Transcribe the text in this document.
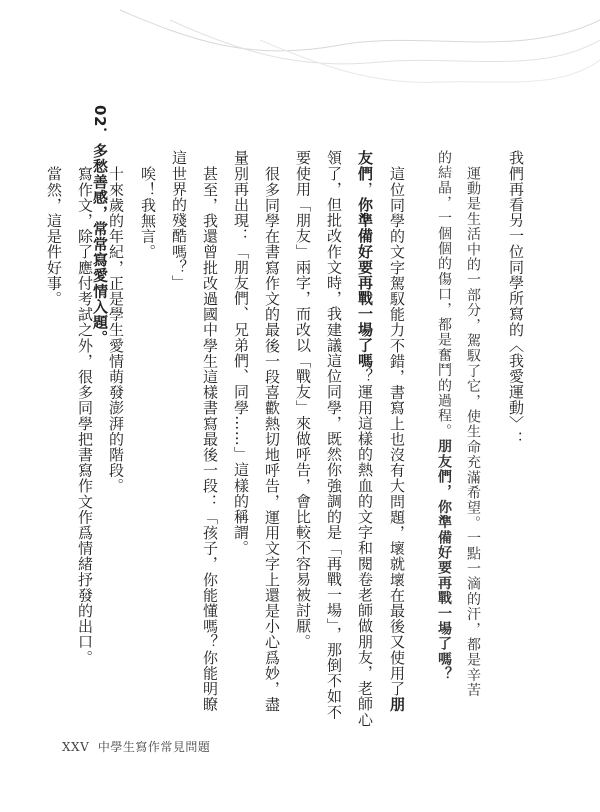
我們再看另一位同學所寫的〈我愛運動〉：
運動是生活中的一部分，駕馭了它，使生命充滿希望。一點一滴的汗，都是辛苦
的結晶，一個個的傷口，都是奮鬥的過程。朋友們，你準備好要再戰一場了嗎？
這位同學的文字駕馭能力不錯，書寫上也沒有大問題，壞就壞在最後又使用了朋
友們，你準備好要再戰一場了嗎？運用這樣的熱血的文字和閱卷老師做朋友，老師心
領了，但批改作文時，我建議這位同學，既然你強調的是「再戰一場」，那倒不如不
要使用「朋友」兩字，而改以「戰友」來做呼告，會比較不容易被討厭。
很多同學在書寫作文的最後一段喜歡熱切地呼告，運用文字上還是小心爲妙，盡
量別再出現：「朋友們、兄弟們、同學……」這樣的稱謂。
甚至，我還曾批改過國中學生這樣書寫最後一段：「孩子，你能懂嗎？你能明瞭
這世界的殘酷嗎？」
唉！我無言。
02．多愁善感，常常寫愛情入題。
十來歲的年紀，正是學生愛情萌發澎湃的階段。
寫作文，除了應付考試之外，很多同學把書寫作文作爲情緒抒發的出口。
當然，這是件好事。
XXV 中學生寫作常見問題
